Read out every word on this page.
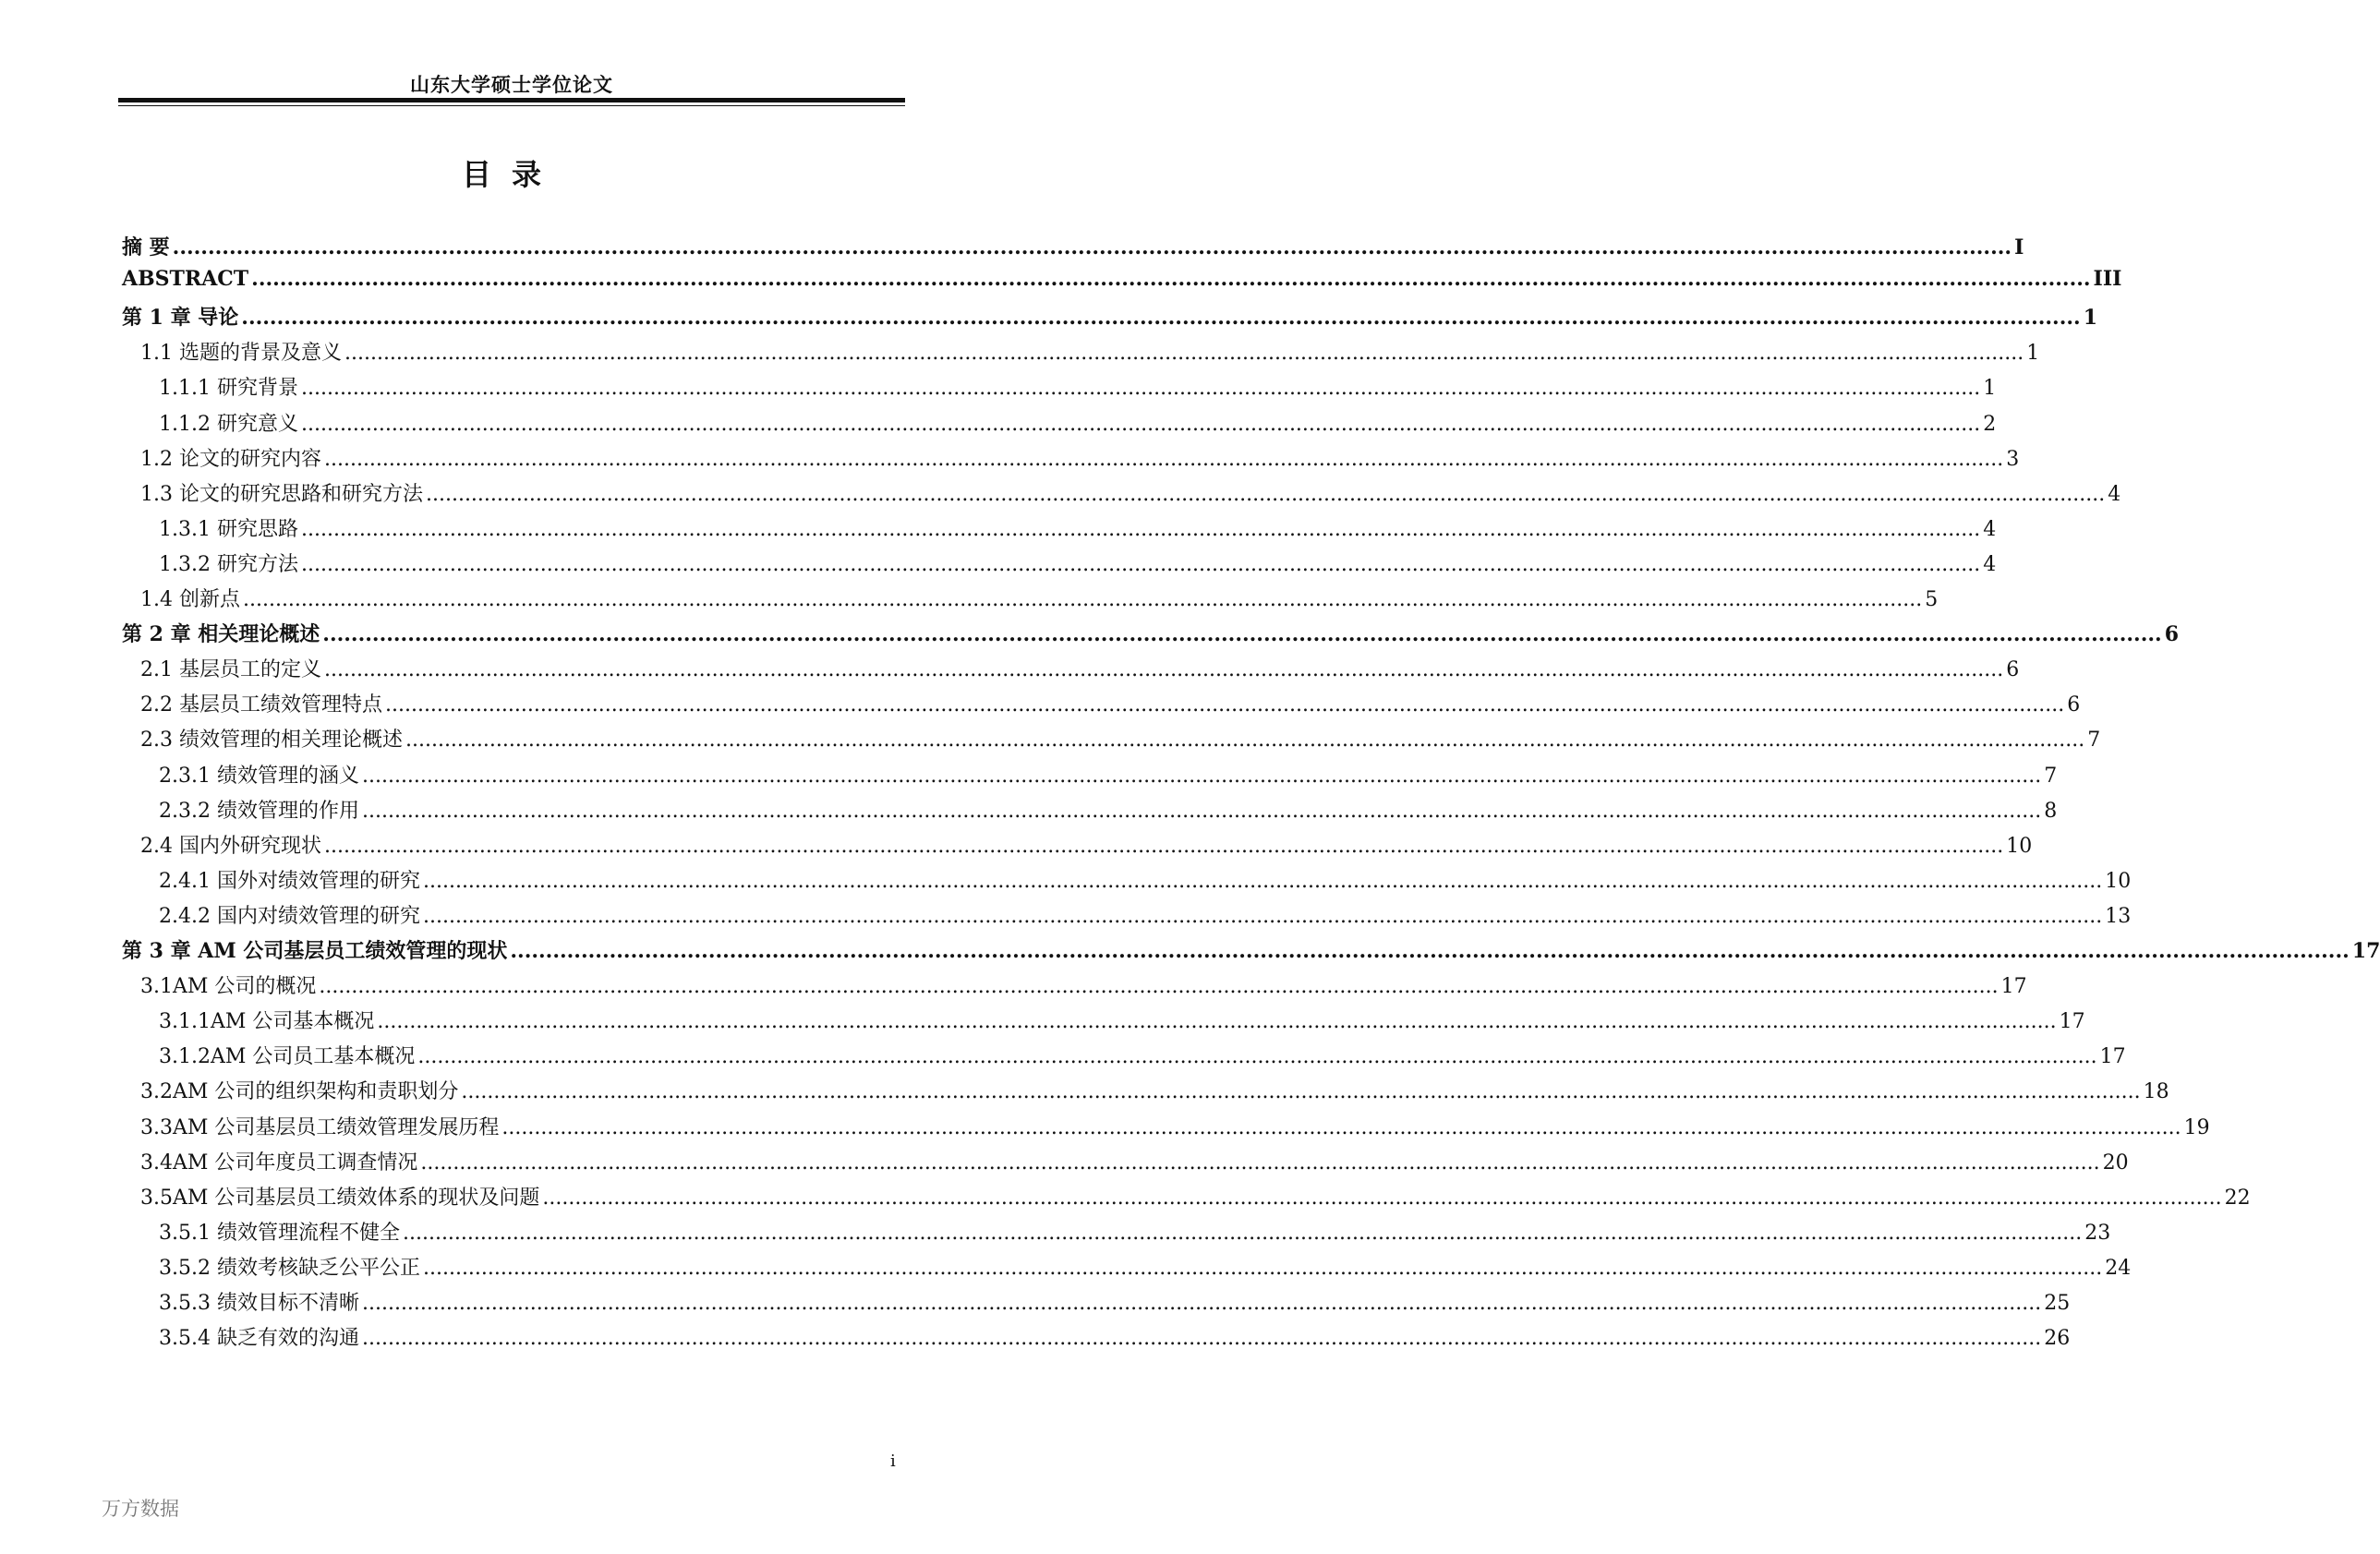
山东大学硕士学位论文
目录
摘 要 .................................................................................................................................................................................................................................................................... I
ABSTRACT .................................................................................................................................................................................................................................................................... III
第 1 章 导论 .................................................................................................................................................................................................................................................................... 1
1.1 选题的背景及意义 .................................................................................................................................................................................................................................................................... 1
1.1.1 研究背景 .................................................................................................................................................................................................................................................................... 1
1.1.2 研究意义 .................................................................................................................................................................................................................................................................... 2
1.2 论文的研究内容 .................................................................................................................................................................................................................................................................... 3
1.3 论文的研究思路和研究方法 .................................................................................................................................................................................................................................................................... 4
1.3.1 研究思路 .................................................................................................................................................................................................................................................................... 4
1.3.2 研究方法 .................................................................................................................................................................................................................................................................... 4
1.4 创新点 .................................................................................................................................................................................................................................................................... 5
第 2 章 相关理论概述 .................................................................................................................................................................................................................................................................... 6
2.1 基层员工的定义 .................................................................................................................................................................................................................................................................... 6
2.2 基层员工绩效管理特点 .................................................................................................................................................................................................................................................................... 6
2.3 绩效管理的相关理论概述 .................................................................................................................................................................................................................................................................... 7
2.3.1 绩效管理的涵义 .................................................................................................................................................................................................................................................................... 7
2.3.2 绩效管理的作用 .................................................................................................................................................................................................................................................................... 8
2.4 国内外研究现状 .................................................................................................................................................................................................................................................................... 10
2.4.1 国外对绩效管理的研究 .................................................................................................................................................................................................................................................................... 10
2.4.2 国内对绩效管理的研究 .................................................................................................................................................................................................................................................................... 13
第 3 章 AM 公司基层员工绩效管理的现状 .................................................................................................................................................................................................................................................................... 17
3.1AM 公司的概况 .................................................................................................................................................................................................................................................................... 17
3.1.1AM 公司基本概况 .................................................................................................................................................................................................................................................................... 17
3.1.2AM 公司员工基本概况 .................................................................................................................................................................................................................................................................... 17
3.2AM 公司的组织架构和责职划分 .................................................................................................................................................................................................................................................................... 18
3.3AM 公司基层员工绩效管理发展历程 .................................................................................................................................................................................................................................................................... 19
3.4AM 公司年度员工调查情况 .................................................................................................................................................................................................................................................................... 20
3.5AM 公司基层员工绩效体系的现状及问题 .................................................................................................................................................................................................................................................................... 22
3.5.1 绩效管理流程不健全 .................................................................................................................................................................................................................................................................... 23
3.5.2 绩效考核缺乏公平公正 .................................................................................................................................................................................................................................................................... 24
3.5.3 绩效目标不清晰 .................................................................................................................................................................................................................................................................... 25
3.5.4 缺乏有效的沟通 .................................................................................................................................................................................................................................................................... 26
i
万方数据
